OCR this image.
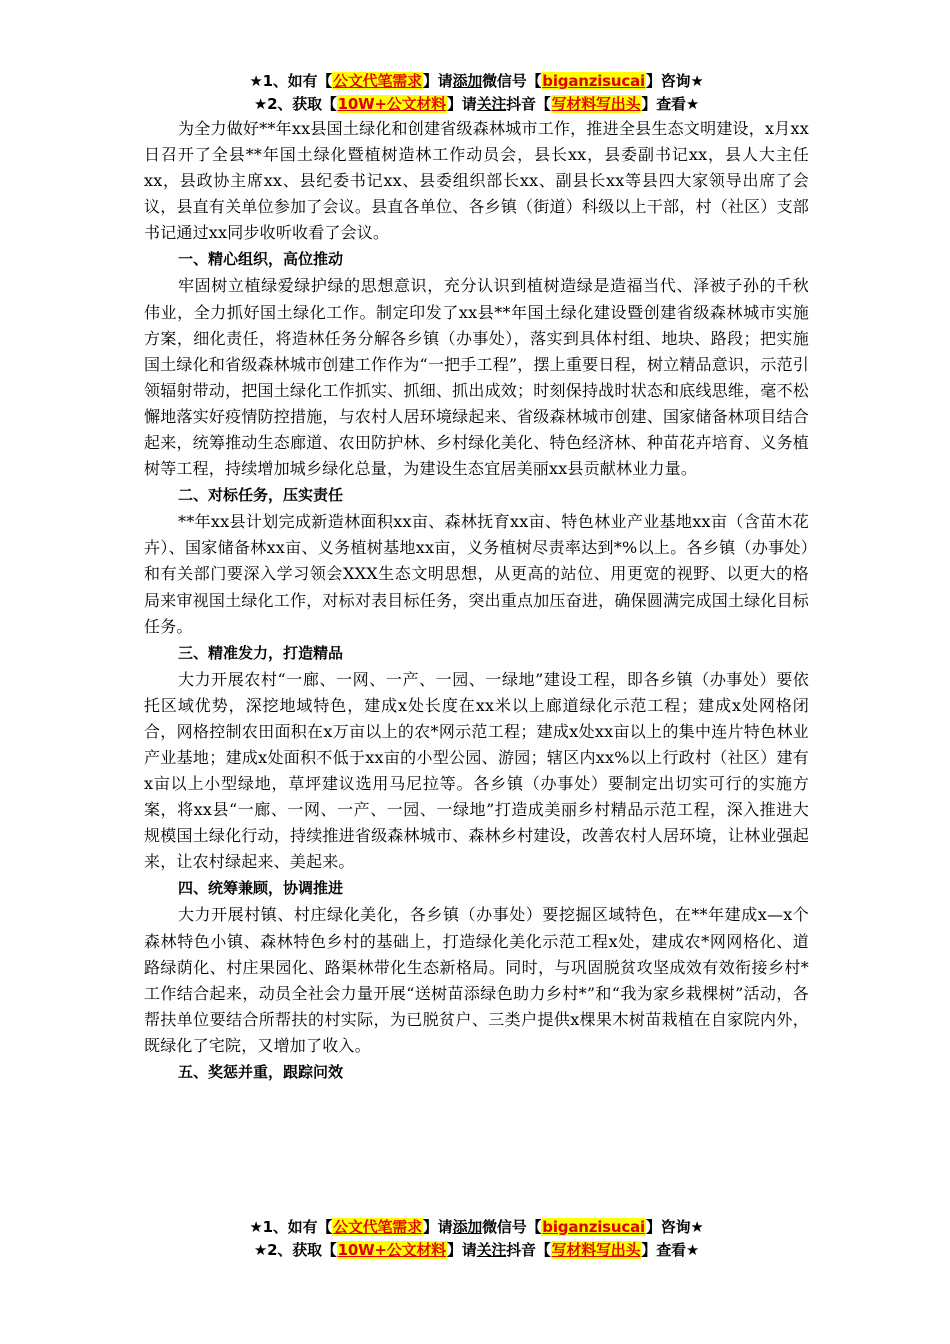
★1、如有【公文代笔需求】请添加微信号【biganzisucai】咨询★
★2、获取【10W+公文材料】请关注抖音【写材料写出头】查看★

为全力做好**年xx县国土绿化和创建省级森林城市工作，推进全县生态文明建设，x月xx日召开了全县**年国土绿化暨植树造林工作动员会，县长xx，县委副书记xx，县人大主任xx，县政协主席xx、县纪委书记xx、县委组织部长xx、副县长xx等县四大家领导出席了会议，县直有关单位参加了会议。县直各单位、各乡镇（街道）科级以上干部，村（社区）支部书记通过xx同步收听收看了会议。

一、精心组织，高位推动

牢固树立植绿爱绿护绿的思想意识，充分认识到植树造绿是造福当代、泽被子孙的千秋伟业，全力抓好国土绿化工作。制定印发了xx县**年国土绿化建设暨创建省级森林城市实施方案，细化责任，将造林任务分解各乡镇（办事处），落实到具体村组、地块、路段；把实施国土绿化和省级森林城市创建工作作为“一把手工程”，摆上重要日程，树立精品意识，示范引领辐射带动，把国土绿化工作抓实、抓细、抓出成效；时刻保持战时状态和底线思维，毫不松懈地落实好疫情防控措施，与农村人居环境绿起来、省级森林城市创建、国家储备林项目结合起来，统筹推动生态廊道、农田防护林、乡村绿化美化、特色经济林、种苗花卉培育、义务植树等工程，持续增加城乡绿化总量，为建设生态宜居美丽xx县贡献林业力量。

二、对标任务，压实责任

**年xx县计划完成新造林面积xx亩、森林抚育xx亩、特色林业产业基地xx亩（含苗木花卉）、国家储备林xx亩、义务植树基地xx亩，义务植树尽责率达到*%以上。各乡镇（办事处）和有关部门要深入学习领会XXX生态文明思想，从更高的站位、用更宽的视野、以更大的格局来审视国土绿化工作，对标对表目标任务，突出重点加压奋进，确保圆满完成国土绿化目标任务。

三、精准发力，打造精品

大力开展农村“一廊、一网、一产、一园、一绿地”建设工程，即各乡镇（办事处）要依托区域优势，深挖地域特色，建成x处长度在xx米以上廊道绿化示范工程；建成x处网格闭合，网格控制农田面积在x万亩以上的农*网示范工程；建成x处xx亩以上的集中连片特色林业产业基地；建成x处面积不低于xx亩的小型公园、游园；辖区内xx%以上行政村（社区）建有x亩以上小型绿地，草坪建议选用马尼拉等。各乡镇（办事处）要制定出切实可行的实施方案，将xx县“一廊、一网、一产、一园、一绿地”打造成美丽乡村精品示范工程，深入推进大规模国土绿化行动，持续推进省级森林城市、森林乡村建设，改善农村人居环境，让林业强起来，让农村绿起来、美起来。

四、统筹兼顾，协调推进

大力开展村镇、村庄绿化美化，各乡镇（办事处）要挖掘区域特色，在**年建成x—x个森林特色小镇、森林特色乡村的基础上，打造绿化美化示范工程x处，建成农*网网格化、道路绿荫化、村庄果园化、路渠林带化生态新格局。同时，与巩固脱贫攻坚成效有效衔接乡村*工作结合起来，动员全社会力量开展“送树苗添绿色助力乡村*”和“我为家乡栽棵树”活动，各帮扶单位要结合所帮扶的村实际，为已脱贫户、三类户提供x棵果木树苗栽植在自家院内外，既绿化了宅院，又增加了收入。

五、奖惩并重，跟踪问效
★1、如有【公文代笔需求】请添加微信号【biganzisucai】咨询★
★2、获取【10W+公文材料】请关注抖音【写材料写出头】查看★
